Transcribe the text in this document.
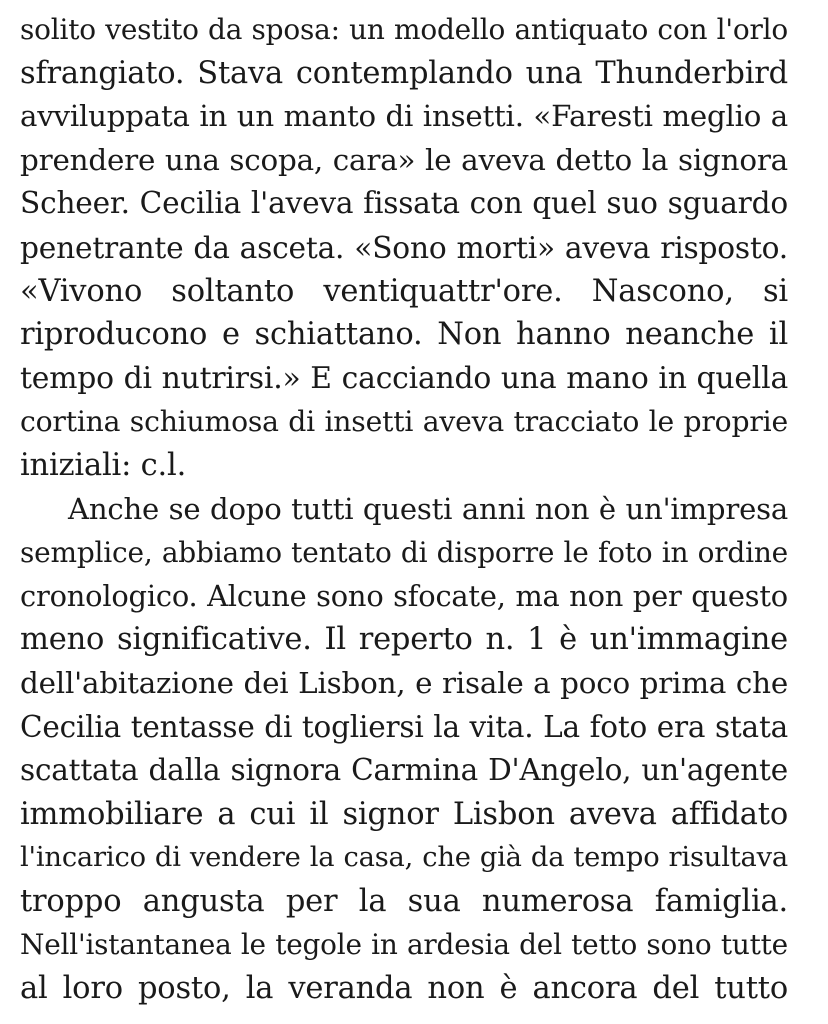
solito vestito da sposa: un modello antiquato con l'orlo
sfrangiato. Stava contemplando una Thunderbird
avviluppata in un manto di insetti. «Faresti meglio a
prendere una scopa, cara» le aveva detto la signora
Scheer. Cecilia l'aveva fissata con quel suo sguardo
penetrante da asceta. «Sono morti» aveva risposto.
«Vivono soltanto ventiquattr'ore. Nascono, si
riproducono e schiattano. Non hanno neanche il
tempo di nutrirsi.» E cacciando una mano in quella
cortina schiumosa di insetti aveva tracciato le proprie
iniziali: c.l.
Anche se dopo tutti questi anni non è un'impresa
semplice, abbiamo tentato di disporre le foto in ordine
cronologico. Alcune sono sfocate, ma non per questo
meno significative. Il reperto n. 1 è un'immagine
dell'abitazione dei Lisbon, e risale a poco prima che
Cecilia tentasse di togliersi la vita. La foto era stata
scattata dalla signora Carmina D'Angelo, un'agente
immobiliare a cui il signor Lisbon aveva affidato
l'incarico di vendere la casa, che già da tempo risultava
troppo angusta per la sua numerosa famiglia.
Nell'istantanea le tegole in ardesia del tetto sono tutte
al loro posto, la veranda non è ancora del tutto
